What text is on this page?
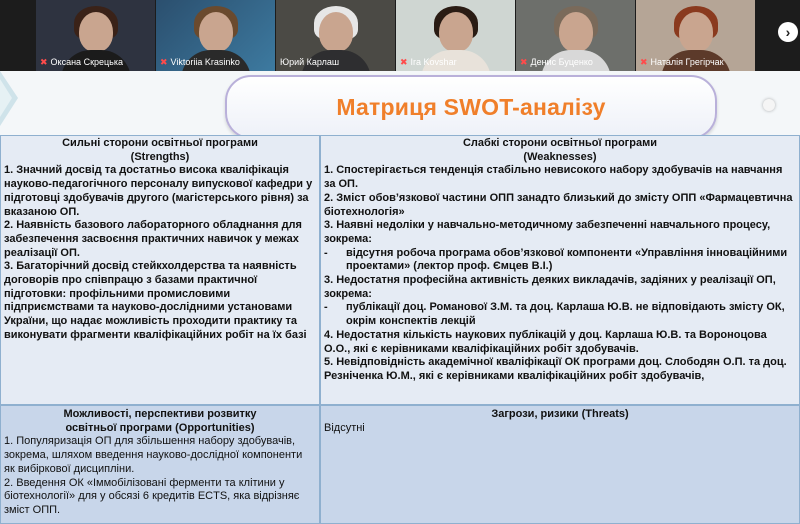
✖ Оксана Скрецька	✖ Viktoriia Krasinko	Юрий Карлаш	✖ Ira Kovshar	✖ Денис Буценко	✖ Наталія Грегірчак
›
Матриця SWOT-аналізу
Сильні сторони освітньої програми
(Strengths)

1. Значний досвід та достатньо висока кваліфікація науково-педагогічного персоналу випускової кафедри у підготовці здобувачів другого (магістерського рівня) за вказаною ОП.

2. Наявність базового лабораторного обладнання для забезпечення засвоєння практичних навичок у межах реалізації ОП.

3. Багаторічний досвід стейкхолдерства та наявність договорів про співпрацю з базами практичної підготовки: профільними промисловими підприємствами та науково-дослідними установами України, що надає можливість проходити практику та виконувати фрагменти кваліфікаційних робіт на їх базі

Слабкі сторони освітньої програми
(Weaknesses)

1. Спостерігається тенденція стабільно невисокого набору здобувачів на навчання за ОП.

2. Зміст обов’язкової частини ОПП занадто близький до змісту ОПП «Фармацевтична біотехнологія»

3. Наявні недоліки у навчально-методичному забезпеченні навчального процесу, зокрема:

-	відсутня робоча програма обов’язкової компоненти «Управління інноваційними проектами» (лектор проф. Ємцев В.І.)

3. Недостатня професійна активність деяких викладачів, задіяних у реалізації ОП, зокрема:

-	публікації доц. Романової З.М. та доц. Карлаша Ю.В. не відповідають змісту ОК, окрім конспектів лекцій

4. Недостатня кількість наукових публікацій у доц. Карлаша Ю.В. та Вороноцова О.О., які є керівниками кваліфікаційних робіт здобувачів.

5. Невідповідність академічної кваліфікації ОК програми доц. Слободян О.П. та доц. Резніченка Ю.М., які є керівниками кваліфікаційних робіт здобувачів,

Можливості, перспективи розвитку
освітньої програми (Opportunities)

1. Популяризація ОП для збільшення набору здобувачів, зокрема, шляхом введення науково-дослідної компоненти як вибіркової дисципліни.

2. Введення ОК «Іммобілізовані ферменти та клітини у біотехнології» для у обсязі 6 кредитів ECTS, яка відрізняє зміст ОПП.

Загрози, ризики (Threats)

Відсутні
